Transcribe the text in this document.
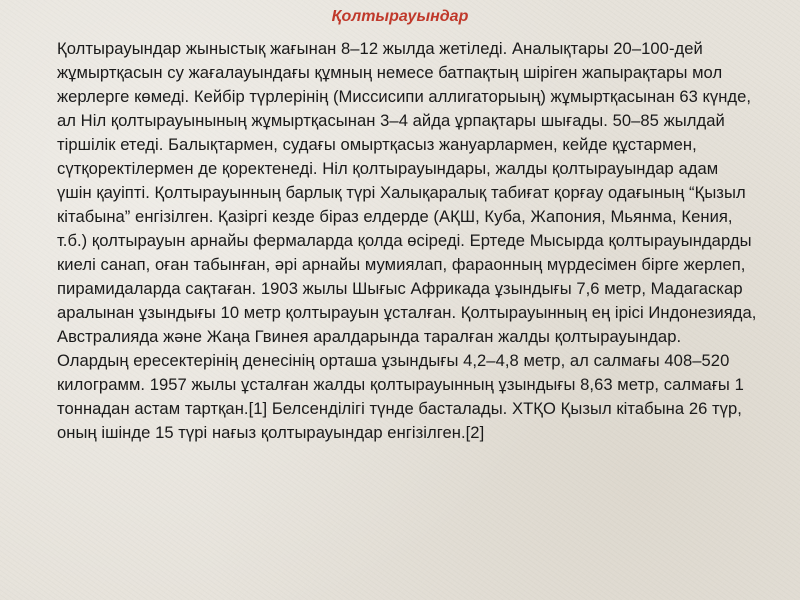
Қолтырауындар

Қолтырауындар жыныстық жағынан 8–12 жылда жетіледі. Аналықтары 20–100-дей жұмыртқасын су жағалауындағы құмның немесе батпақтың шіріген жапырақтары мол жерлерге көмеді. Кейбір түрлерінің (Миссисипи аллигаторыың) жұмыртқасынан 63 күнде, ал Ніл қолтырауынының жұмыртқасынан 3–4 айда ұрпақтары шығады. 50–85 жылдай тіршілік етеді. Балықтармен, судағы омыртқасыз жануарлармен, кейде құстармен, сүтқоректілермен де қоректенеді. Ніл қолтырауындары, жалды қолтырауындар адам үшін қауіпті. Қолтырауынның барлық түрі Халықаралық табиғат қорғау одағының “Қызыл кітабына” енгізілген. Қазіргі кезде біраз елдерде (АҚШ, Куба, Жапония, Мьянма, Кения, т.б.) қолтырауын арнайы фермаларда қолда өсіреді. Ертеде Мысырда қолтырауындарды киелі санап, оған табынған, әрі арнайы мумиялап, фараонның мүрдесімен бірге жерлеп, пирамидаларда сақтаған. 1903 жылы Шығыс Африкада ұзындығы 7,6 метр, Мадагаскар аралынан ұзындығы 10 метр қолтырауын ұсталған. Қолтырауынның ең ірісі Индонезияда, Австралияда және Жаңа Гвинея аралдарында таралған жалды қолтырауындар. Олардың ересектерінің денесінің орташа ұзындығы 4,2–4,8 метр, ал салмағы 408–520 килограмм. 1957 жылы ұсталған жалды қолтырауынның ұзындығы 8,63 метр, салмағы 1 тоннадан астам тартқан.[1] Белсенділігі түнде басталады. ХТҚО Қызыл кітабына 26 түр, оның ішінде 15 түрі нағыз қолтырауындар енгізілген.[2]
